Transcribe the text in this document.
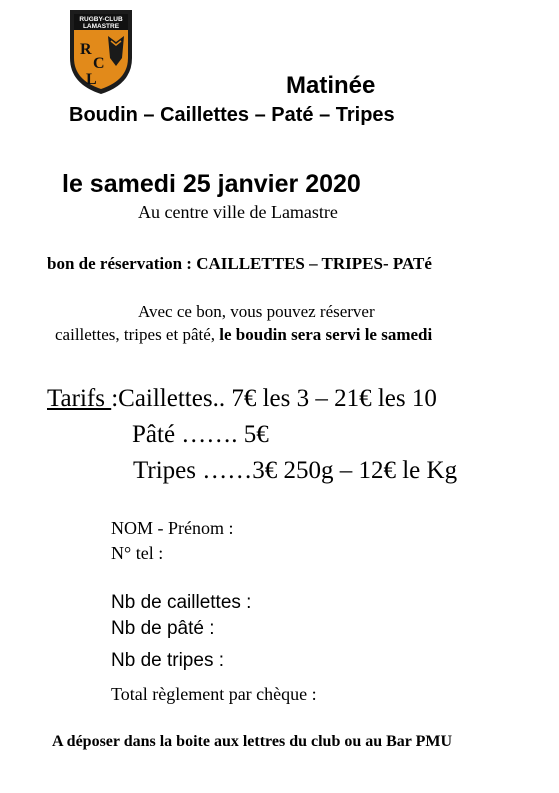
RUGBY-CLUB
LAMASTRE
R
C
L	Matinée
Boudin – Caillettes – Paté – Tripes
le samedi 25 janvier 2020
Au centre ville de Lamastre
bon de réservation : CAILLETTES – TRIPES- PATé
Avec ce bon, vous pouvez réserver
caillettes, tripes et pâté, le boudin sera servi le samedi
Tarifs :Caillettes.. 7€ les 3 – 21€ les 10
Pâté ……. 5€
Tripes ……3€ 250g – 12€ le Kg
NOM - Prénom :
N° tel :
Nb de caillettes :
Nb de pâté :
Nb de tripes :
Total règlement par chèque :
A déposer dans la boite aux lettres du club ou au Bar PMU
